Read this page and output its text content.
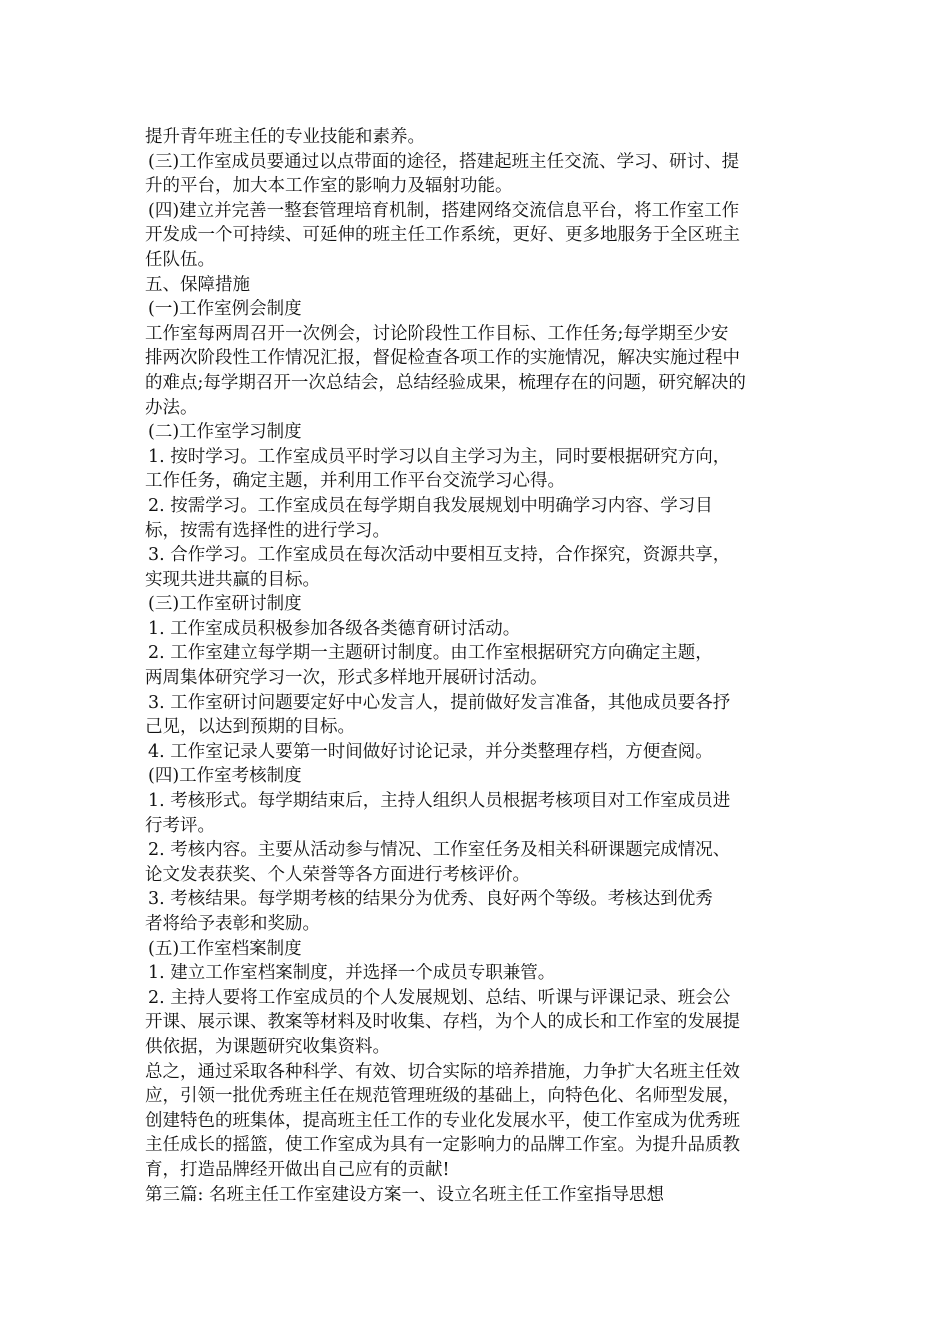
提升青年班主任的专业技能和素养。

(三)工作室成员要通过以点带面的途径，搭建起班主任交流、学习、研讨、提

升的平台，加大本工作室的影响力及辐射功能。

(四)建立并完善一整套管理培育机制，搭建网络交流信息平台，将工作室工作

开发成一个可持续、可延伸的班主任工作系统，更好、更多地服务于全区班主

任队伍。

五、保障措施

(一)工作室例会制度

工作室每两周召开一次例会，讨论阶段性工作目标、工作任务;每学期至少安

排两次阶段性工作情况汇报，督促检查各项工作的实施情况，解决实施过程中

的难点;每学期召开一次总结会，总结经验成果，梳理存在的问题，研究解决的

办法。

(二)工作室学习制度

1. 按时学习。工作室成员平时学习以自主学习为主，同时要根据研究方向，

工作任务，确定主题，并利用工作平台交流学习心得。

2. 按需学习。工作室成员在每学期自我发展规划中明确学习内容、学习目

标，按需有选择性的进行学习。

3. 合作学习。工作室成员在每次活动中要相互支持，合作探究，资源共享，

实现共进共赢的目标。

(三)工作室研讨制度

1. 工作室成员积极参加各级各类德育研讨活动。

2. 工作室建立每学期一主题研讨制度。由工作室根据研究方向确定主题，

两周集体研究学习一次，形式多样地开展研讨活动。

3. 工作室研讨问题要定好中心发言人，提前做好发言准备，其他成员要各抒

己见，以达到预期的目标。

4. 工作室记录人要第一时间做好讨论记录，并分类整理存档，方便查阅。

(四)工作室考核制度

1. 考核形式。每学期结束后，主持人组织人员根据考核项目对工作室成员进

行考评。

2. 考核内容。主要从活动参与情况、工作室任务及相关科研课题完成情况、

论文发表获奖、个人荣誉等各方面进行考核评价。

3. 考核结果。每学期考核的结果分为优秀、良好两个等级。考核达到优秀

者将给予表彰和奖励。

(五)工作室档案制度

1. 建立工作室档案制度，并选择一个成员专职兼管。

2. 主持人要将工作室成员的个人发展规划、总结、听课与评课记录、班会公

开课、展示课、教案等材料及时收集、存档，为个人的成长和工作室的发展提

供依据，为课题研究收集资料。

总之，通过采取各种科学、有效、切合实际的培养措施，力争扩大名班主任效

应，引领一批优秀班主任在规范管理班级的基础上，向特色化、名师型发展，

创建特色的班集体，提高班主任工作的专业化发展水平，使工作室成为优秀班

主任成长的摇篮，使工作室成为具有一定影响力的品牌工作室。为提升品质教

育，打造品牌经开做出自己应有的贡献!

第三篇: 名班主任工作室建设方案一、设立名班主任工作室指导思想
